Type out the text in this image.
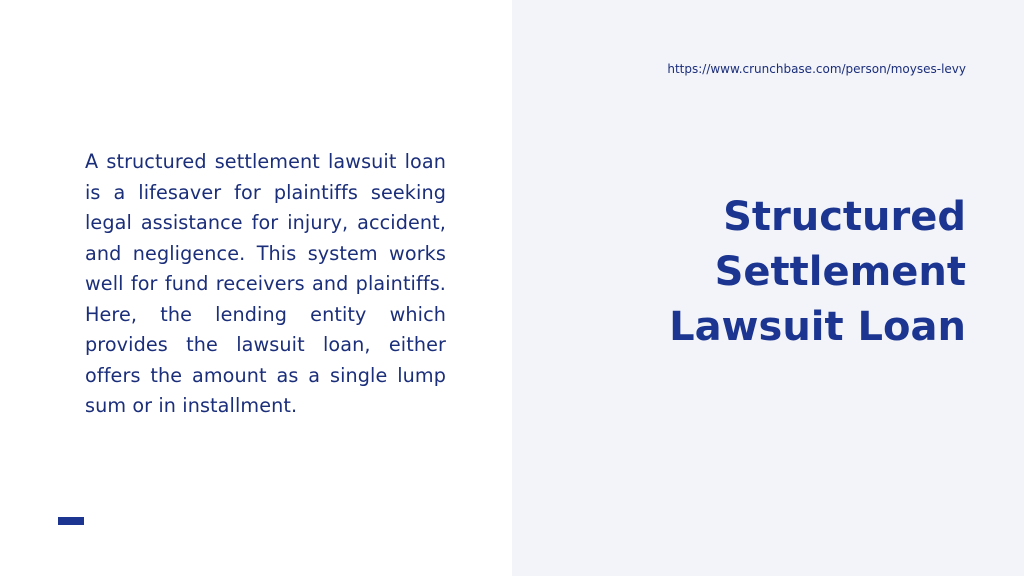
A structured settlement lawsuit loan is a lifesaver for plaintiffs seeking legal assistance for injury, accident, and negligence. This system works well for fund receivers and plaintiffs. Here, the lending entity which provides the lawsuit loan, either offers the amount as a single lump sum or in installment.

https://www.crunchbase.com/person/moyses-levy

Structured
Settlement
Lawsuit Loan
